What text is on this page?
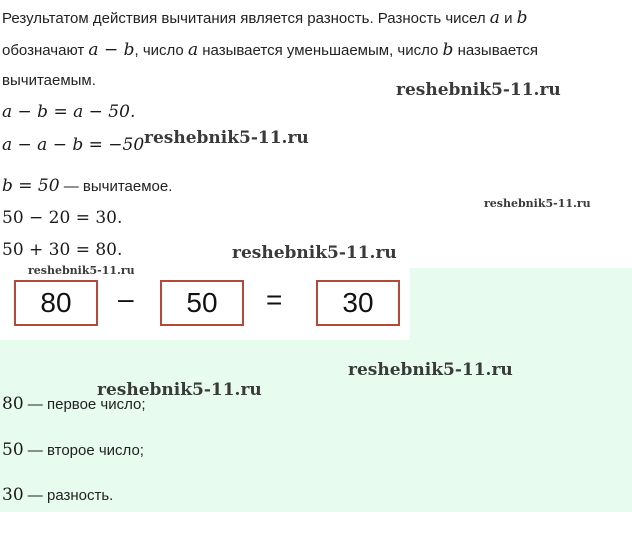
Результатом действия вычитания является разность. Разность чисел a и b
обозначают a − b, число a называется уменьшаемым, число b называется
вычитаемым.
a − b = a − 50.
a − a − b = −50
b = 50 — вычитаемое.
50 − 20 = 30.
50 + 30 = 80.
80	–	50	=	30
80 — первое число;
50 — второе число;
30 — разность.
reshebnik5-11.ru
reshebnik5-11.ru
reshebnik5-11.ru
reshebnik5-11.ru
reshebnik5-11.ru
reshebnik5-11.ru
reshebnik5-11.ru
